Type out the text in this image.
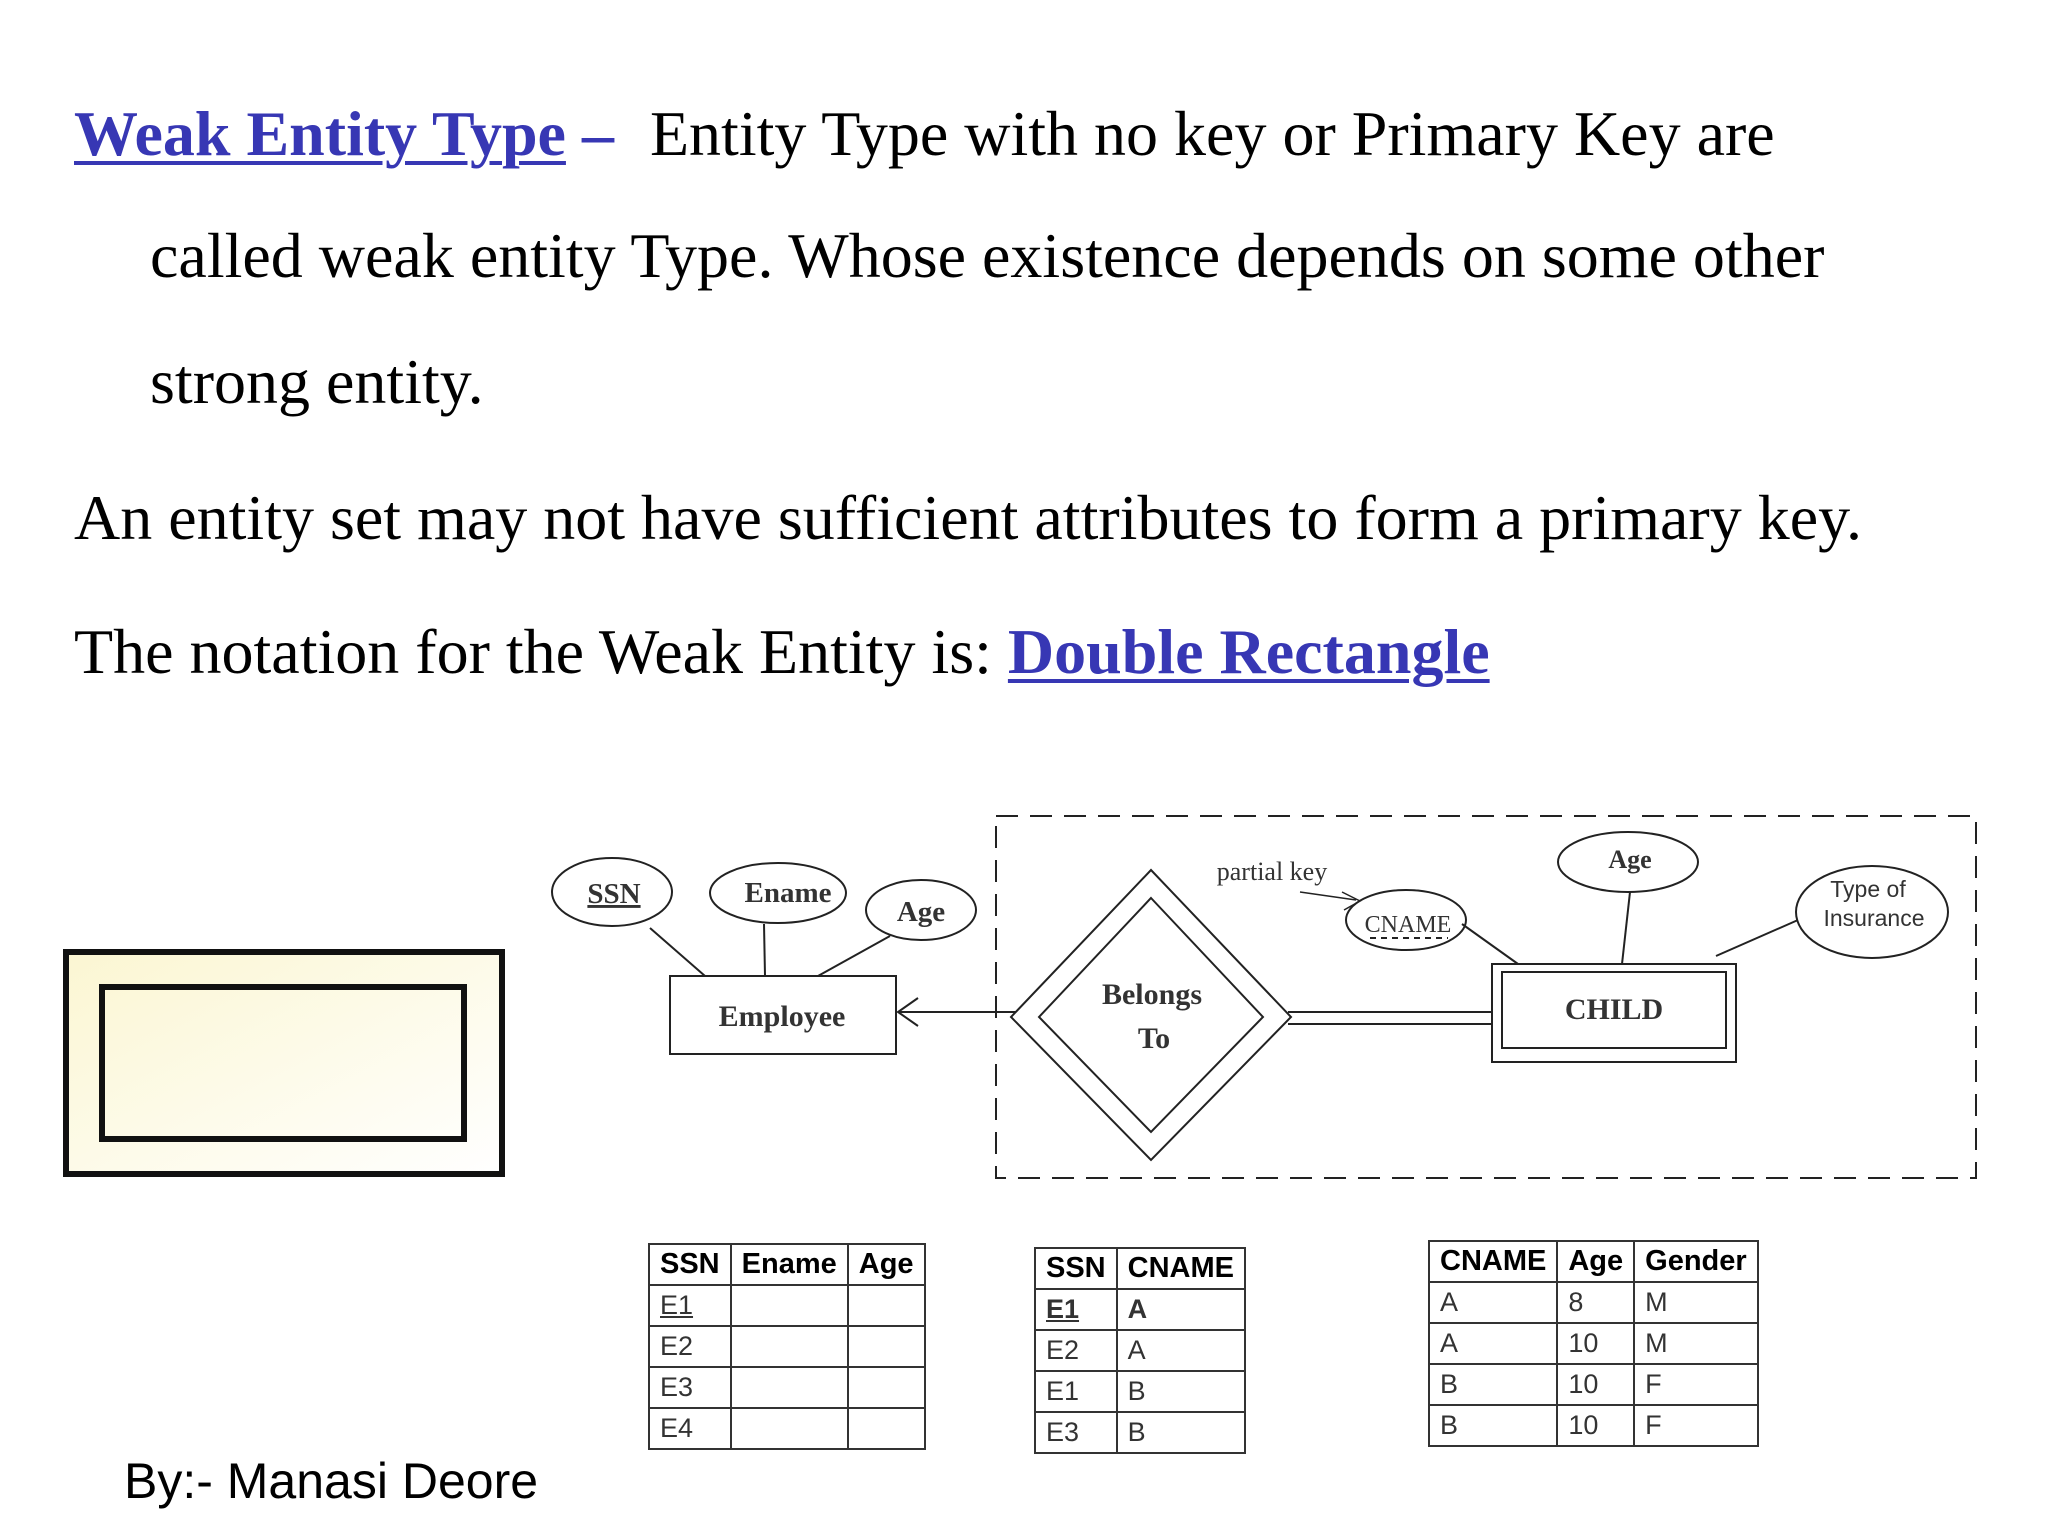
Weak Entity Type – Entity Type with no key or Primary Key are
called weak entity Type. Whose existence depends on some other
strong entity.
An entity set may not have sufficient attributes to form a primary key.
The notation for the Weak Entity is: Double Rectangle
SSN	Ename
Age
Employee
Belongs
To
CHILD
CNAME
Age
Type of
Insurance
partial key
SSN	Ename	Age
E1		
E2		
E3		
E4		
SSN	CNAME
E1	A
E2	A
E1	B
E3	B
CNAME	Age	Gender
A	8	M
A	10	M
B	10	F
B	10	F
By:- Manasi Deore
